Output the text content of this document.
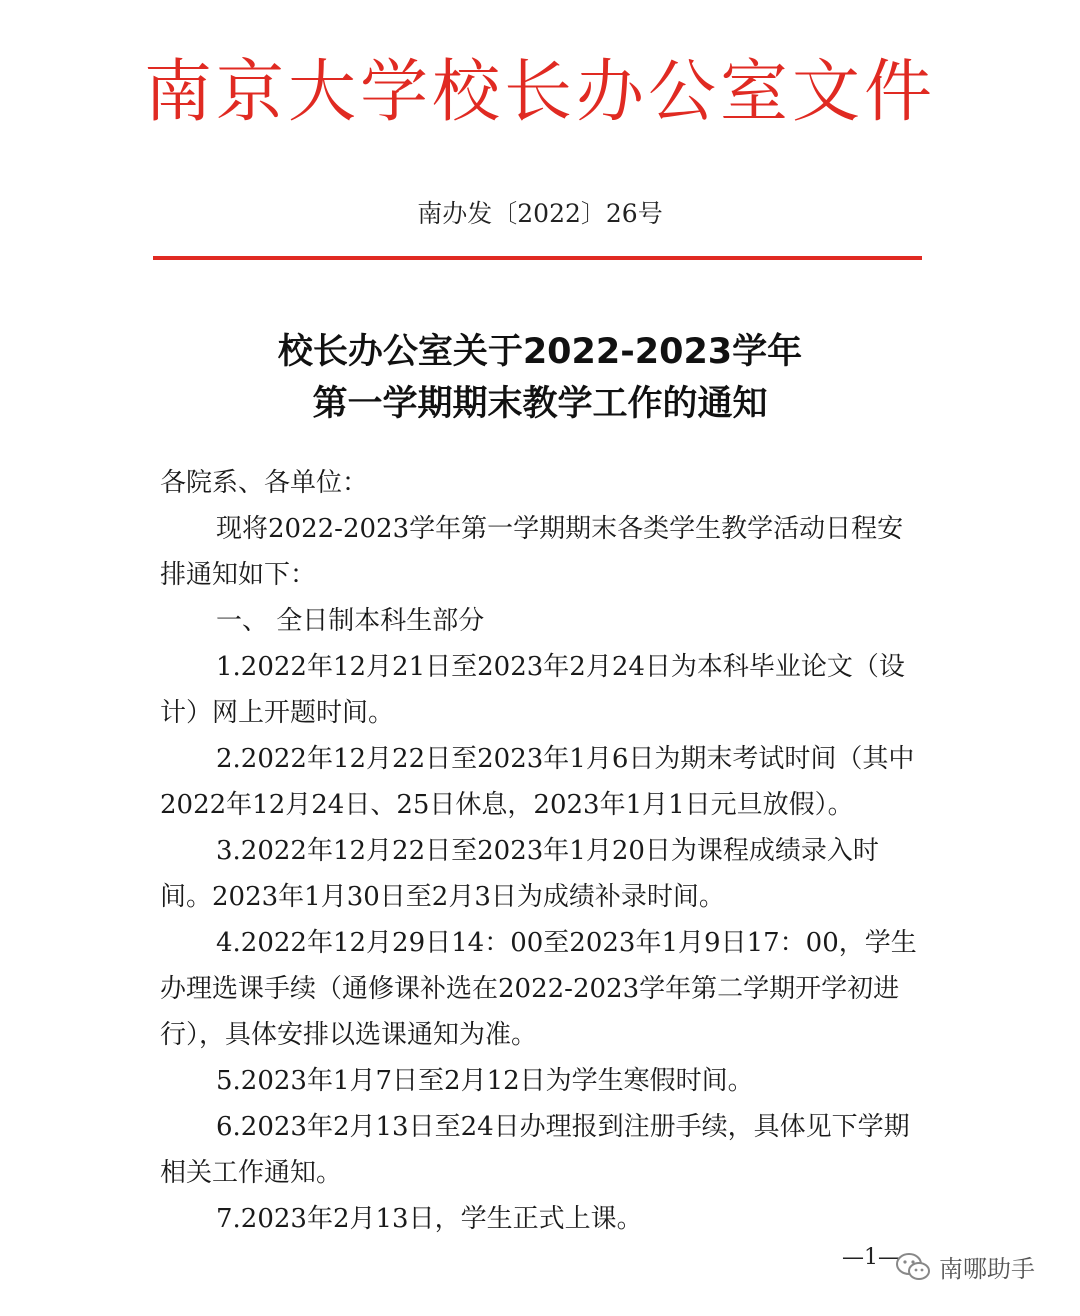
南京大学校长办公室文件
南办发〔2022〕26号
校长办公室关于2022-2023学年
第一学期期末教学工作的通知

各院系、各单位：

现将2022-2023学年第一学期期末各类学生教学活动日程安排通知如下：

一、 全日制本科生部分

1.2022年12月21日至2023年2月24日为本科毕业论文（设计）网上开题时间。

2.2022年12月22日至2023年1月6日为期末考试时间（其中2022年12月24日、25日休息，2023年1月1日元旦放假）。

3.2022年12月22日至2023年1月20日为课程成绩录入时间。2023年1月30日至2月3日为成绩补录时间。

4.2022年12月29日14：00至2023年1月9日17：00，学生办理选课手续（通修课补选在2022-2023学年第二学期开学初进行），具体安排以选课通知为准。

5.2023年1月7日至2月12日为学生寒假时间。

6.2023年2月13日至24日办理报到注册手续，具体见下学期相关工作通知。

7.2023年2月13日，学生正式上课。

—1— 南哪助手
